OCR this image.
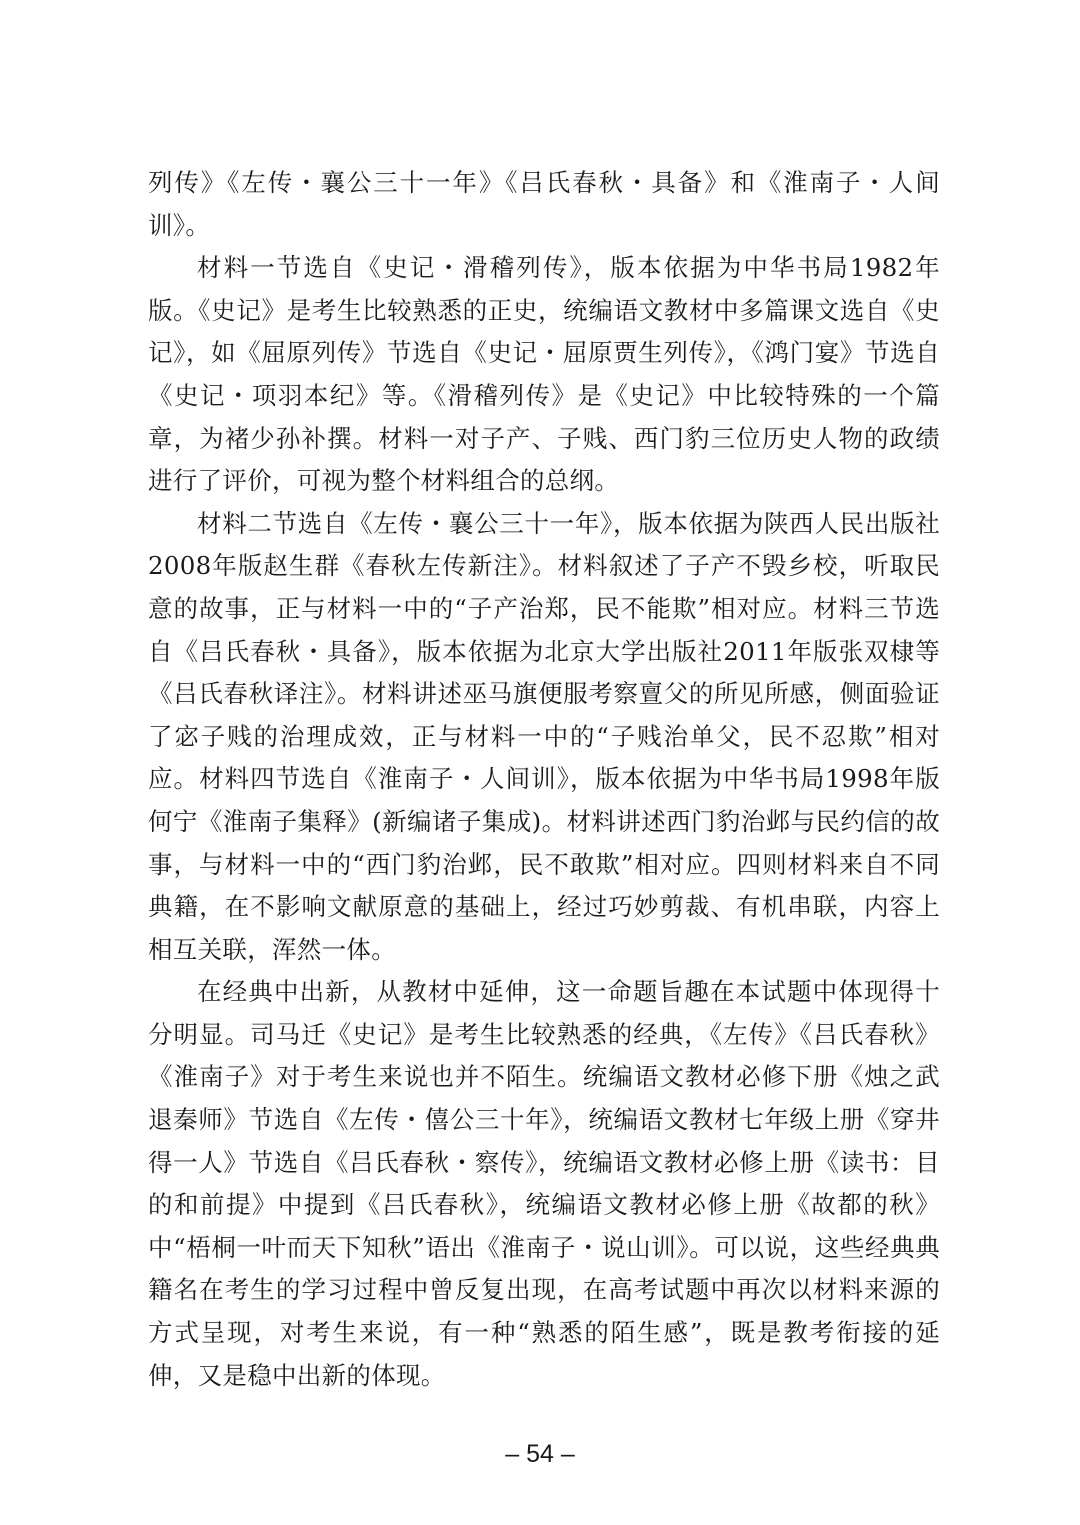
列传》《左传・襄公三十一年》《吕氏春秋・具备》和《淮南子・人间训》。

材料一节选自《史记・滑稽列传》，版本依据为中华书局1982年版。《史记》是考生比较熟悉的正史，统编语文教材中多篇课文选自《史记》，如《屈原列传》节选自《史记・屈原贾生列传》，《鸿门宴》节选自《史记・项羽本纪》等。《滑稽列传》是《史记》中比较特殊的一个篇章，为褚少孙补撰。材料一对子产、子贱、西门豹三位历史人物的政绩进行了评价，可视为整个材料组合的总纲。

材料二节选自《左传・襄公三十一年》，版本依据为陕西人民出版社2008年版赵生群《春秋左传新注》。材料叙述了子产不毁乡校，听取民意的故事，正与材料一中的“子产治郑，民不能欺”相对应。材料三节选自《吕氏春秋・具备》，版本依据为北京大学出版社2011年版张双棣等《吕氏春秋译注》。材料讲述巫马旗便服考察亶父的所见所感，侧面验证了宓子贱的治理成效，正与材料一中的“子贱治单父，民不忍欺”相对应。材料四节选自《淮南子・人间训》，版本依据为中华书局1998年版何宁《淮南子集释》(新编诸子集成)。材料讲述西门豹治邺与民约信的故事，与材料一中的“西门豹治邺，民不敢欺”相对应。四则材料来自不同典籍，在不影响文献原意的基础上，经过巧妙剪裁、有机串联，内容上相互关联，浑然一体。

在经典中出新，从教材中延伸，这一命题旨趣在本试题中体现得十分明显。司马迁《史记》是考生比较熟悉的经典，《左传》《吕氏春秋》《淮南子》对于考生来说也并不陌生。统编语文教材必修下册《烛之武退秦师》节选自《左传・僖公三十年》，统编语文教材七年级上册《穿井得一人》节选自《吕氏春秋・察传》，统编语文教材必修上册《读书：目的和前提》中提到《吕氏春秋》，统编语文教材必修上册《故都的秋》中“梧桐一叶而天下知秋”语出《淮南子・说山训》。可以说，这些经典典籍名在考生的学习过程中曾反复出现，在高考试题中再次以材料来源的方式呈现，对考生来说，有一种“熟悉的陌生感”，既是教考衔接的延伸，又是稳中出新的体现。

– 54 –
